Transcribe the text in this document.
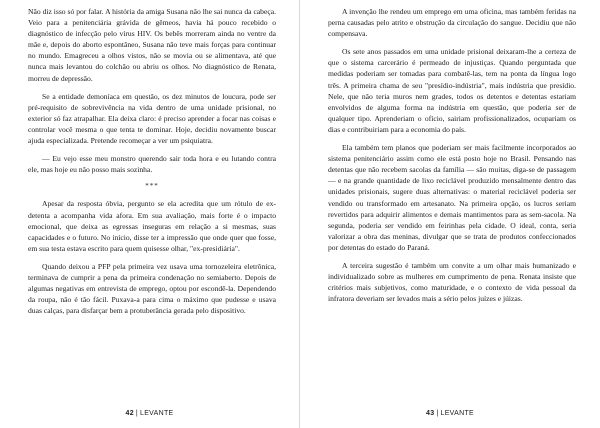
Não diz isso só por falar. A história da amiga Susana não lhe sai nunca da cabeça. Veio para a penitenciária grávida de gêmeos, havia há pouco recebido o diagnóstico de infecção pelo vírus HIV. Os bebês morreram ainda no ventre da mãe e, depois do aborto espontâneo, Susana não teve mais forças para continuar no mundo. Emagreceu a olhos vistos, não se movia ou se alimentava, até que nunca mais levantou do colchão ou abriu os olhos. No diagnóstico de Renata, morreu de depressão.

Se a entidade demoníaca em questão, os dez minutos de loucura, pode ser pré-requisito de sobrevivência na vida dentro de uma unidade prisional, no exterior só faz atrapalhar. Ela deixa claro: é preciso aprender a focar nas coisas e controlar você mesma o que tenta te dominar. Hoje, decidiu novamente buscar ajuda especializada. Pretende recomeçar a ver um psiquiatra.

— Eu vejo esse meu monstro querendo sair toda hora e eu lutando contra ele, mas hoje eu não posso mais sozinha.

***

Apesar da resposta óbvia, pergunto se ela acredita que um rótulo de ex-detenta a acompanha vida afora. Em sua avaliação, mais forte é o impacto emocional, que deixa as egressas inseguras em relação a si mesmas, suas capacidades e o futuro. No início, disse ter a impressão que onde quer que fosse, em sua testa estava escrito para quem quisesse olhar, "ex-presidiária".

Quando deixou a PFP pela primeira vez usava uma tornozeleira eletrônica, terminava de cumprir a pena da primeira condenação no semiaberto. Depois de algumas negativas em entrevista de emprego, optou por escondê-la. Dependendo da roupa, não é tão fácil. Puxava-a para cima o máximo que pudesse e usava duas calças, para disfarçar bem a protuberância gerada pelo dispositivo.

42 | LEVANTE

A invenção lhe rendeu um emprego em uma oficina, mas também feridas na perna causadas pelo atrito e obstrução da circulação do sangue. Decidiu que não compensava.

Os sete anos passados em uma unidade prisional deixaram-lhe a certeza de que o sistema carcerário é permeado de injustiças. Quando perguntada que medidas poderiam ser tomadas para combatê-las, tem na ponta da língua logo três. A primeira chama de seu "presídio-indústria", mais indústria que presídio. Nele, que não teria muros nem grades, todos os detentos e detentas estariam envolvidos de alguma forma na indústria em questão, que poderia ser de qualquer tipo. Aprenderiam o ofício, sairiam profissionalizados, ocupariam os dias e contribuiriam para a economia do país.

Ela também tem planos que poderiam ser mais facilmente incorporados ao sistema penitenciário assim como ele está posto hoje no Brasil. Pensando nas detentas que não recebem sacolas da família — são muitas, diga-se de passagem — e na grande quantidade de lixo reciclável produzido mensalmente dentro das unidades prisionais, sugere duas alternativas: o material reciclável poderia ser vendido ou transformado em artesanato. Na primeira opção, os lucros seriam revertidos para adquirir alimentos e demais mantimentos para as sem-sacola. Na segunda, poderia ser vendido em feirinhas pela cidade. O ideal, conta, seria valorizar a obra das meninas, divulgar que se trata de produtos confeccionados por detentas do estado do Paraná.

A terceira sugestão é também um convite a um olhar mais humanizado e individualizado sobre as mulheres em cumprimento de pena. Renata insiste que critérios mais subjetivos, como maturidade, e o contexto de vida pessoal da infratora deveriam ser levados mais a sério pelos juízes e júizas.

43 | LEVANTE
